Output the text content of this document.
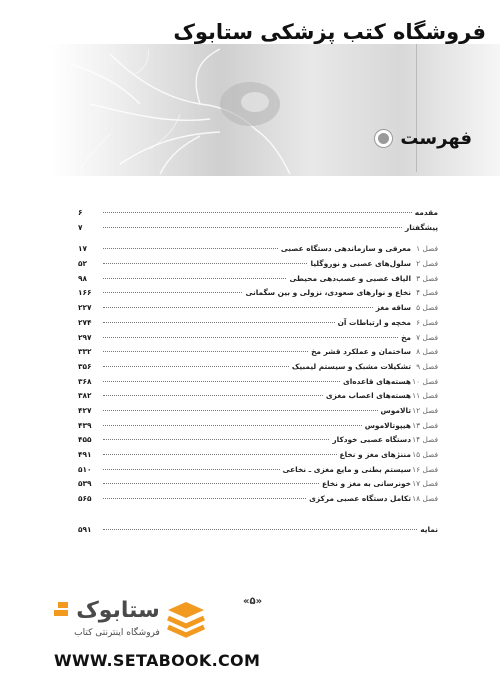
فروشگاه کتب پزشکی ستابوک
فهرست
مقدمه
۶
پیشگفتار
۷
فصل ۱
معرفی و سازماندهی دستگاه عصبی
۱۷
فصل ۲
سلول‌های عصبی و نوروگلیا
۵۲
فصل ۳
الیاف عصبی و عصب‌دهی محیطی
۹۸
فصل ۴
نخاع و نوارهای صعودی، نزولی و بین سگمانی
۱۶۶
فصل ۵
ساقه مغز
۲۲۷
فصل ۶
مخچه و ارتباطات آن
۲۷۴
فصل ۷
مخ
۲۹۷
فصل ۸
ساختمان و عملکرد قشر مخ
۳۳۲
فصل ۹
تشکیلات مشبک و سیستم لیمبیک
۳۵۶
فصل ۱۰
هسته‌های قاعده‌ای
۳۶۸
فصل ۱۱
هسته‌های اعصاب مغزی
۳۸۲
فصل ۱۲
تالاموس
۴۲۷
فصل ۱۳
هیپوتالاموس
۴۳۹
فصل ۱۴
دستگاه عصبی خودکار
۴۵۵
فصل ۱۵
مننژهای مغز و نخاع
۴۹۱
فصل ۱۶
سیستم بطنی و مایع مغزی ـ نخاعی
۵۱۰
فصل ۱۷
خونرسانی به مغز و نخاع
۵۳۹
فصل ۱۸
تکامل دستگاه عصبی مرکزی
۵۶۵
نمایه
۵۹۱
«۵»
ستابوک
فروشگاه اینترنتی کتاب
WWW.SETABOOK.COM
